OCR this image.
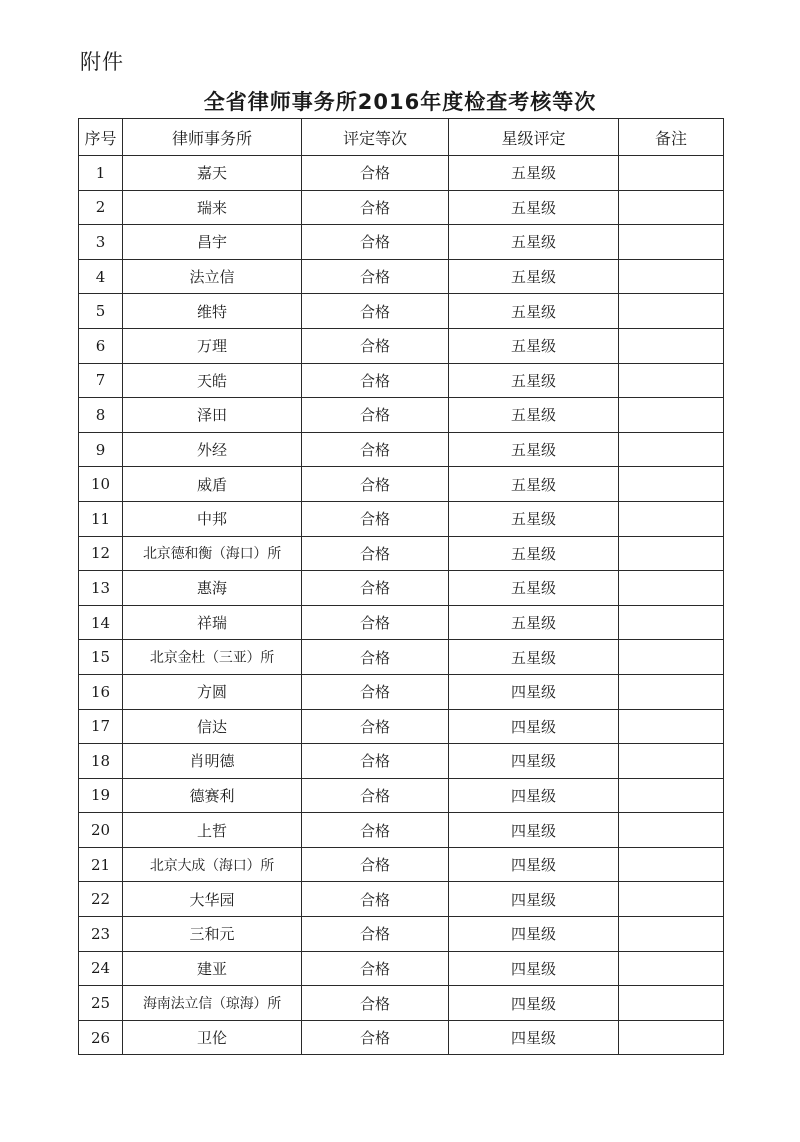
附件
全省律师事务所2016年度检查考核等次
序号	律师事务所	评定等次	星级评定	备注
1	嘉天	合格	五星级	
2	瑞来	合格	五星级	
3	昌宇	合格	五星级	
4	法立信	合格	五星级	
5	维特	合格	五星级	
6	万理	合格	五星级	
7	天皓	合格	五星级	
8	泽田	合格	五星级	
9	外经	合格	五星级	
10	威盾	合格	五星级	
11	中邦	合格	五星级	
12	北京德和衡（海口）所	合格	五星级	
13	惠海	合格	五星级	
14	祥瑞	合格	五星级	
15	北京金杜（三亚）所	合格	五星级	
16	方圆	合格	四星级	
17	信达	合格	四星级	
18	肖明德	合格	四星级	
19	德赛利	合格	四星级	
20	上哲	合格	四星级	
21	北京大成（海口）所	合格	四星级	
22	大华园	合格	四星级	
23	三和元	合格	四星级	
24	建亚	合格	四星级	
25	海南法立信（琼海）所	合格	四星级	
26	卫伦	合格	四星级	
